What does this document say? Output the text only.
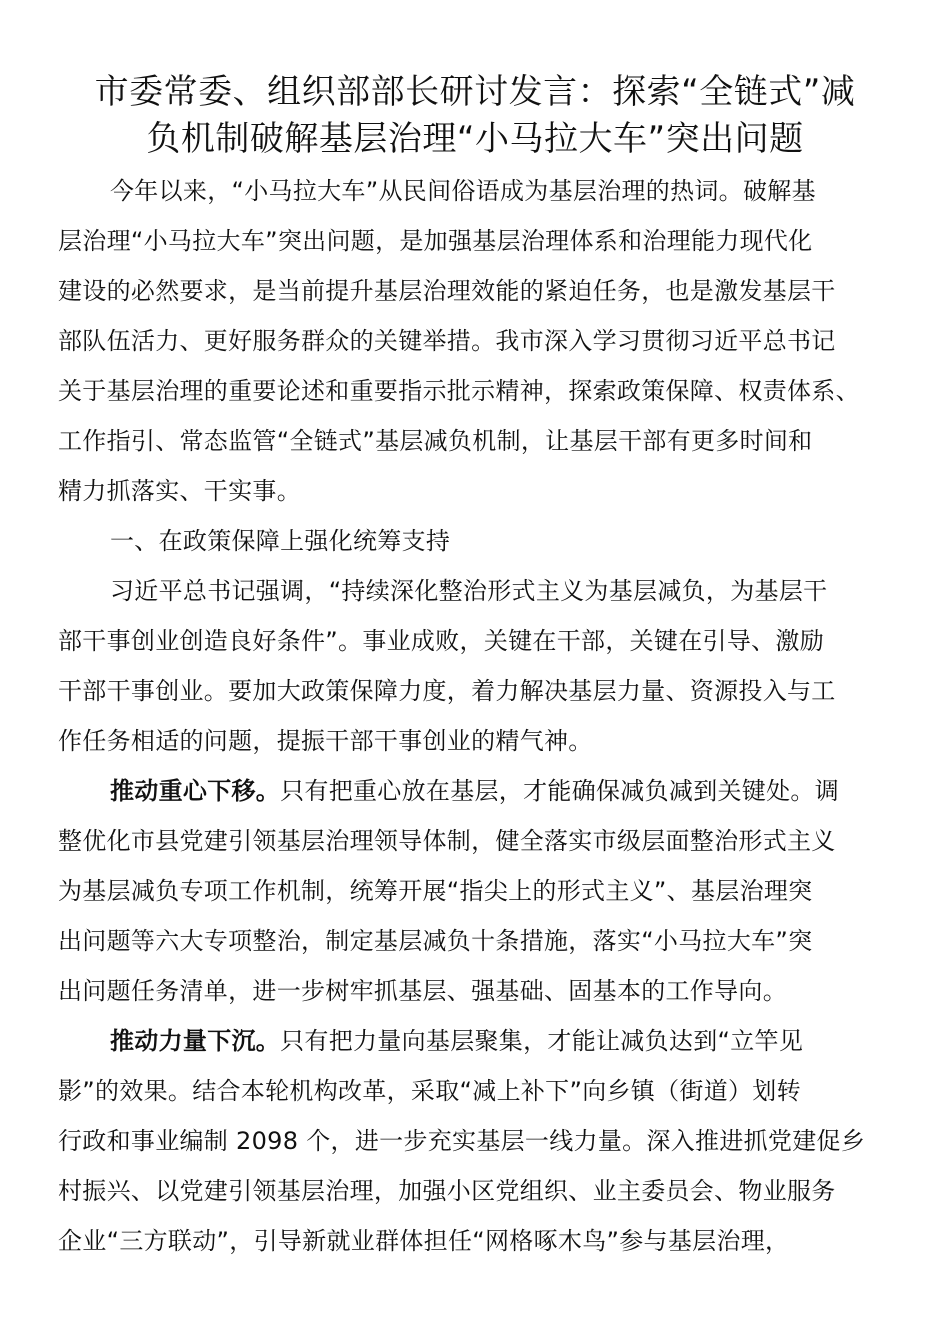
市委常委、组织部部长研讨发言：探索“全链式”减
负机制破解基层治理“小马拉大车”突出问题
今年以来，“小马拉大车”从民间俗语成为基层治理的热词。破解基
层治理“小马拉大车”突出问题，是加强基层治理体系和治理能力现代化
建设的必然要求，是当前提升基层治理效能的紧迫任务，也是激发基层干
部队伍活力、更好服务群众的关键举措。我市深入学习贯彻习近平总书记
关于基层治理的重要论述和重要指示批示精神，探索政策保障、权责体系、
工作指引、常态监管“全链式”基层减负机制，让基层干部有更多时间和
精力抓落实、干实事。
一、在政策保障上强化统筹支持
习近平总书记强调，“持续深化整治形式主义为基层减负，为基层干
部干事创业创造良好条件”。事业成败，关键在干部，关键在引导、激励
干部干事创业。要加大政策保障力度，着力解决基层力量、资源投入与工
作任务相适的问题，提振干部干事创业的精气神。
推动重心下移。只有把重心放在基层，才能确保减负减到关键处。调
整优化市县党建引领基层治理领导体制，健全落实市级层面整治形式主义
为基层减负专项工作机制，统筹开展“指尖上的形式主义”、基层治理突
出问题等六大专项整治，制定基层减负十条措施，落实“小马拉大车”突
出问题任务清单，进一步树牢抓基层、强基础、固基本的工作导向。
推动力量下沉。只有把力量向基层聚集，才能让减负达到“立竿见
影”的效果。结合本轮机构改革，采取“减上补下”向乡镇（街道）划转
行政和事业编制 2098 个，进一步充实基层一线力量。深入推进抓党建促乡
村振兴、以党建引领基层治理，加强小区党组织、业主委员会、物业服务
企业“三方联动”，引导新就业群体担任“网格啄木鸟”参与基层治理，
